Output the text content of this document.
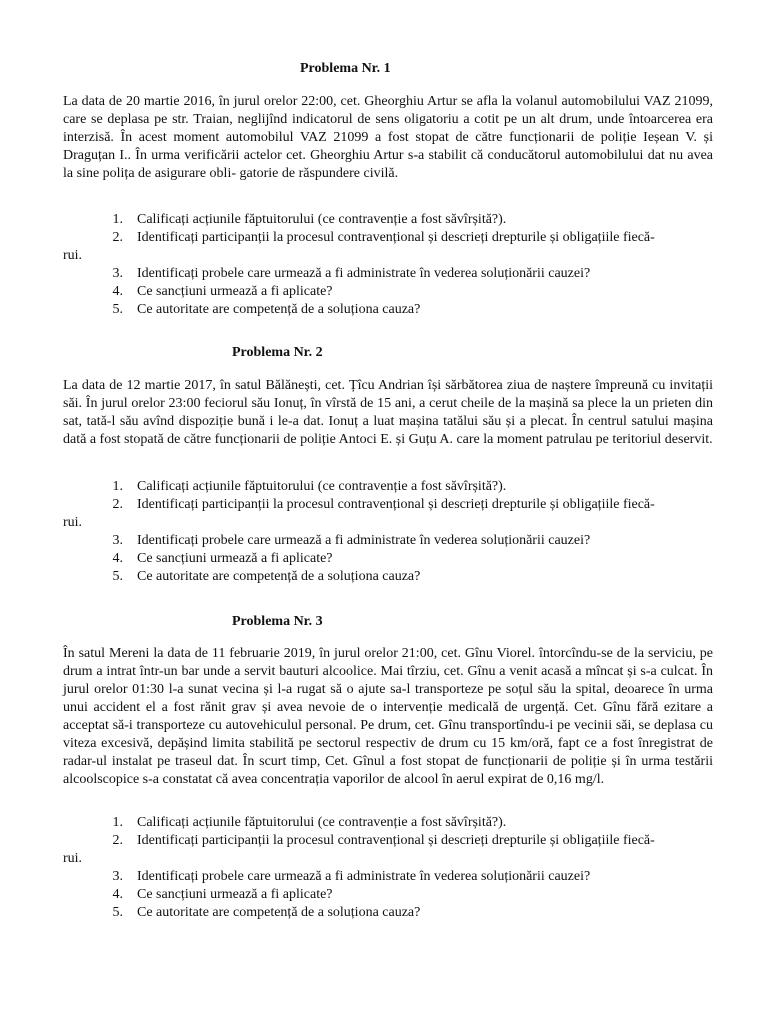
Problema Nr. 1
La data de 20 martie 2016, în jurul orelor 22:00, cet. Gheorghiu Artur se afla la volanul automobilului VAZ 21099, care se deplasa pe str. Traian, neglijînd indicatorul de sens oligatoriu a cotit pe un alt drum, unde întoarcerea era interzisă. În acest moment automobilul VAZ 21099 a fost stopat de către funcționarii de poliție Ieșean V. și Draguțan I.. În urma verificării actelor cet. Gheorghiu Artur s-a stabilit că conducătorul automobilului dat nu avea la sine polița de asigurare obli- gatorie de răspundere civilă.
1.	Calificați acțiunile făptuitorului (ce contravenție a fost săvîrșită?).
2.	Identificați participanții la procesul contravențional și descrieți drepturile și obligațiile fiecă-
rui.
3.	Identificați probele care urmează a fi administrate în vederea soluționării cauzei?
4.	Ce sancțiuni urmează a fi aplicate?
5.	Ce autoritate are competență de a soluționa cauza?
Problema Nr. 2
La data de 12 martie 2017, în satul Bălănești, cet. Țîcu Andrian își sărbătorea ziua de naștere împreună cu invitații săi. În jurul orelor 23:00 feciorul său Ionuț, în vîrstă de 15 ani, a cerut cheile de la mașină sa plece la un prieten din sat, tată-l său avînd dispoziție bună i le-a dat. Ionuț a luat mașina tatălui său și a plecat. În centrul satului mașina dată a fost stopată de către funcționarii de poliție Antoci E. și Guțu A. care la moment patrulau pe teritoriul deservit.
1.	Calificați acțiunile făptuitorului (ce contravenție a fost săvîrșită?).
2.	Identificați participanții la procesul contravențional și descrieți drepturile și obligațiile fiecă-
rui.
3.	Identificați probele care urmează a fi administrate în vederea soluționării cauzei?
4.	Ce sancțiuni urmează a fi aplicate?
5.	Ce autoritate are competență de a soluționa cauza?
Problema Nr. 3
În satul Mereni la data de 11 februarie 2019, în jurul orelor 21:00, cet. Gînu Viorel. întorcîndu-se de la serviciu, pe drum a intrat într-un bar unde a servit bauturi alcoolice. Mai tîrziu, cet. Gînu a venit acasă a mîncat și s-a culcat. În jurul orelor 01:30 l-a sunat vecina și l-a rugat să o ajute sa-l transporteze pe soțul său la spital, deoarece în urma unui accident el a fost rănit grav și avea nevoie de o intervenție medicală de urgență. Cet. Gînu fără ezitare a acceptat să-i transporteze cu autovehiculul personal. Pe drum, cet. Gînu transportîndu-i pe vecinii săi, se deplasa cu viteza excesivă, depășind limita stabilită pe sectorul respectiv de drum cu 15 km/oră, fapt ce a fost înregistrat de radar-ul instalat pe traseul dat. În scurt timp, Cet. Gînul a fost stopat de funcționarii de poliție și în urma testării alcoolscopice s-a constatat că avea concentrația vaporilor de alcool în aerul expirat de 0,16 mg/l.
1.	Calificați acțiunile făptuitorului (ce contravenție a fost săvîrșită?).
2.	Identificați participanții la procesul contravențional și descrieți drepturile și obligațiile fiecă-
rui.
3.	Identificați probele care urmează a fi administrate în vederea soluționării cauzei?
4.	Ce sancțiuni urmează a fi aplicate?
5.	Ce autoritate are competență de a soluționa cauza?
